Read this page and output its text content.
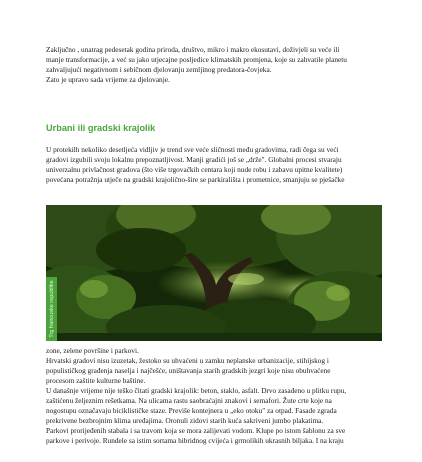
Zaključno , unatrag pedesetak godina priroda, društvo, mikro i makro ekosutavi, doživjeli su veće ili
manje transformacije, a već su jako utjecajne posljedice klimatskih promjena, koje su zahvatile planetu
zahvaljujući negativnom i sebičnom djelovanju zemljinog predatora-čovjeka.
Zato je upravo sada vrijeme za djelovanje.

Urbani ili gradski krajolik

U protekilh nekoliko desetljeća vidljiv je trend sve veće sličnosti među gradovima, radi čega su veći
gradovi izgubili svoju lokalnu prepoznatljivost. Manji gradići još se „drže". Globalni procesi stvaraju
univerzalnu privlačnost gradova (što više trgovačkih centara koji nude robu i zabavu upitne kvalitete)
povećana potražnja utječe na gradski krajolično-šire se parkirališta i prometnice, smanjuju se pješačke

Trg francuske republike

zone, zelene površine i parkovi.
Hrvatski gradovi nisu izuzetak, žestoko su uhvaćeni u zamku neplanske urbanizacije, stihijskog i
populističkog građenja naselja i najčešće, uništavanja starih gradskih jezgri koje nisu obuhvaćene
procesom zaštite kulturne baštine.
U današnje vrijeme nije teško čitati gradski krajolik: beton, staklo, asfalt. Drvo zasađeno u plitku rupu,
zaštićenu željeznim rešetkama. Na ulicama rastu saobraćajni znakovi i semafori. Žute crte koje na
nogostupu označavaju biciklističke staze. Previše kontejnera u „eko otoku" za otpad. Fasade zgrada
prekrivene bezbrojnim klima uređajima. Oronuli zidovi starih kuća sakriveni jumbo plakatima.
Parkovi prorijeđenih stabala i sa travom koja se mora zalijevati vodom. Klupe po istom šablonu za sve
parkove i perivoje. Rundele sa istim sortama hibridnog cvijeća i grmolikih ukrasnih biljaka. I na kraju
